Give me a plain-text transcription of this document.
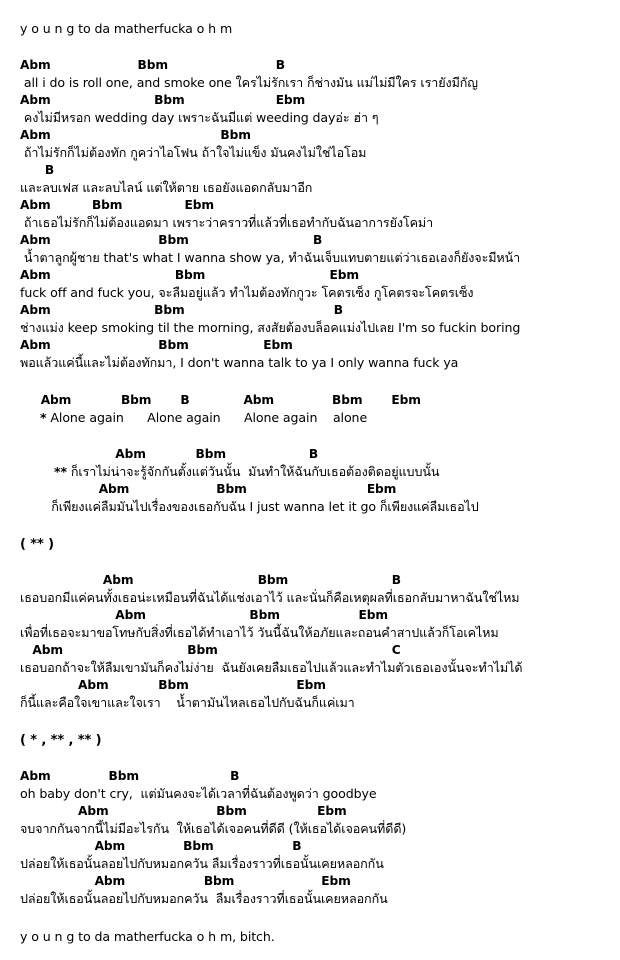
y o u n g to da matherfucka o h m
Abm                     Bbm                          B
all i do is roll one, and smoke one ใครไม่รักเรา ก็ช่างมัน แม่ไม่มีใคร เรายังมีกัญ
Abm                         Bbm                      Ebm
คงไม่มีหรอก wedding day เพราะฉันมีแต่ weeding dayอ่ะ ฮ่า ๆ
Abm                                         Bbm
ถ้าไม่รักก็ไม่ต้องทัก กูคว่าไอโฟน ถ้าใจไม่แข็ง มันคงไม่ใช่ไอโอม
B
และลบเฟส และลบไลน์ แต่ให้ตาย เธอยังแอดกลับมาอีก
Abm          Bbm               Ebm
ถ้าเธอไม่รักก็ไม่ต้องแอดมา เพราะว่าคราวที่แล้วที่เธอทำกับฉันอาการยังโคม่า
Abm                          Bbm                              B
น้ำตาลูกผู้ชาย that's what I wanna show ya, ทำฉันเจ็บแทบตายแต่ว่าเธอเองก็ยังจะมีหน้า
Abm                              Bbm                              Ebm
fuck off and fuck you, จะลืมอยู่แล้ว ทำไมต้องทักกูวะ โคตรเซ็ง กูโคตรจะโคตรเซ็ง
Abm                         Bbm                                    B
ช่างแม่ง keep smoking til the morning, สงสัยต้องบล็อคแม่งไปเลย I'm so fuckin boring
Abm                          Bbm                  Ebm
พอแล้วแค่นี้และไม่ต้องทักมา, I don't wanna talk to ya I only wanna fuck ya
Abm            Bbm       B             Abm              Bbm       Ebm
* Alone again      Alone again      Alone again    alone
Abm            Bbm                    B
** ก็เราไม่น่าจะรู้จักกันตั้งแต่วันนั้น  มันทำให้ฉันกับเธอต้องติดอยู่แบบนั้น
Abm                     Bbm                             Ebm
ก็เพียงแค่ลืมมันไปเรื่องของเธอกับฉัน I just wanna let it go ก็เพียงแค่ลืมเธอไป
( ** )
Abm                              Bbm                         B
เธอบอกมีแค่คนทั้งเธอน่ะเหมือนที่ฉันได้แช่งเอาไว้ และนั่นก็คือเหตุผลที่เธอกลับมาหาฉันใช่ไหม
Abm                         Bbm                   Ebm
เพื่อที่เธอจะมาขอโทษกับสิ่งที่เธอได้ทำเอาไว้ วันนี้ฉันให้อภัยและถอนคำสาปแล้วก็โอเคไหม
Abm                              Bbm                                          C
เธอบอกถ้าจะให้ลืมเขามันก็คงไม่ง่าย  ฉันยังเคยลืมเธอไปแล้วและทำไมตัวเธอเองนั้นจะทำไม่ได้
Abm            Bbm                          Ebm
ก็นี้และคือใจเขาและใจเรา    น้ำตามันไหลเธอไปกับฉันก็แค่เมา
( * , ** , ** )
Abm              Bbm                      B
oh baby don't cry,  แต่มันคงจะได้เวลาที่ฉันต้องพูดว่า goodbye
Abm                          Bbm                 Ebm
จบจากกันจากนี้ไม่มีอะไรกัน  ให้เธอได้เจอคนที่ดีดี (ให้เธอได้เจอคนที่ดีดี)
Abm              Bbm                   B
ปล่อยให้เธอนั้นลอยไปกับหมอกควัน ลืมเรื่องราวที่เธอนั้นเคยหลอกกัน
Abm                   Bbm                     Ebm
ปล่อยให้เธอนั้นลอยไปกับหมอกควัน  ลืมเรื่องราวที่เธอนั้นเคยหลอกกัน
y o u n g to da matherfucka o h m, bitch.
